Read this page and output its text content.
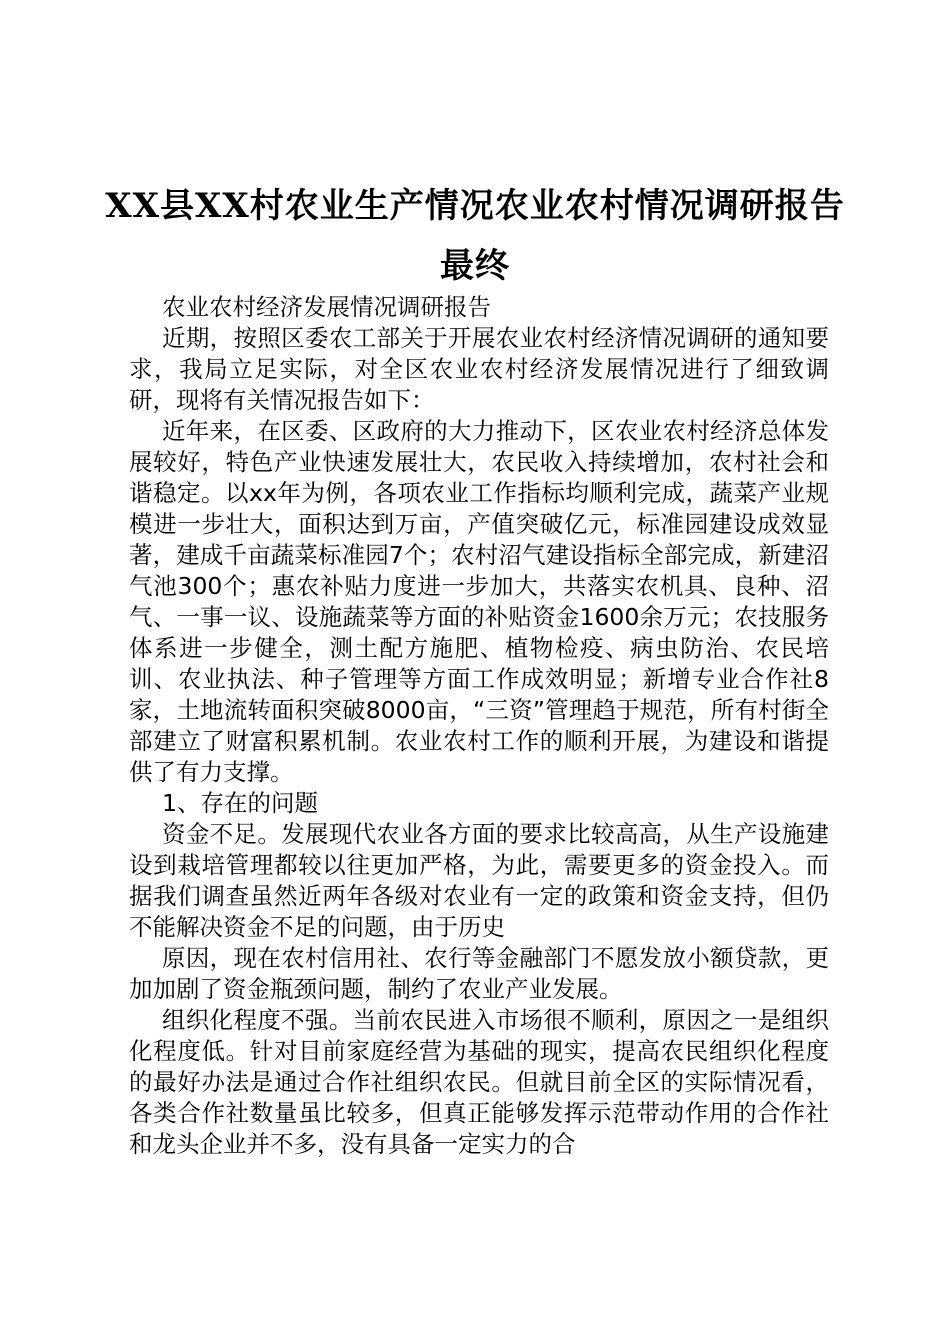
XX县XX村农业生产情况农业农村情况调研报告最终

农业农村经济发展情况调研报告

近期，按照区委农工部关于开展农业农村经济情况调研的通知要求，我局立足实际，对全区农业农村经济发展情况进行了细致调研，现将有关情况报告如下：

近年来，在区委、区政府的大力推动下，区农业农村经济总体发展较好，特色产业快速发展壮大，农民收入持续增加，农村社会和谐稳定。以xx年为例，各项农业工作指标均顺利完成，蔬菜产业规模进一步壮大，面积达到万亩，产值突破亿元，标准园建设成效显著，建成千亩蔬菜标准园7个；农村沼气建设指标全部完成，新建沼气池300个；惠农补贴力度进一步加大，共落实农机具、良种、沼气、一事一议、设施蔬菜等方面的补贴资金1600余万元；农技服务体系进一步健全，测土配方施肥、植物检疫、病虫防治、农民培训、农业执法、种子管理等方面工作成效明显；新增专业合作社8家，土地流转面积突破8000亩，“三资”管理趋于规范，所有村街全部建立了财富积累机制。农业农村工作的顺利开展，为建设和谐提供了有力支撑。

1、存在的问题

资金不足。发展现代农业各方面的要求比较高高，从生产设施建设到栽培管理都较以往更加严格，为此，需要更多的资金投入。而据我们调查虽然近两年各级对农业有一定的政策和资金支持，但仍不能解决资金不足的问题，由于历史

原因，现在农村信用社、农行等金融部门不愿发放小额贷款，更加加剧了资金瓶颈问题，制约了农业产业发展。

组织化程度不强。当前农民进入市场很不顺利，原因之一是组织化程度低。针对目前家庭经营为基础的现实，提高农民组织化程度的最好办法是通过合作社组织农民。但就目前全区的实际情况看，各类合作社数量虽比较多，但真正能够发挥示范带动作用的合作社和龙头企业并不多，没有具备一定实力的合
